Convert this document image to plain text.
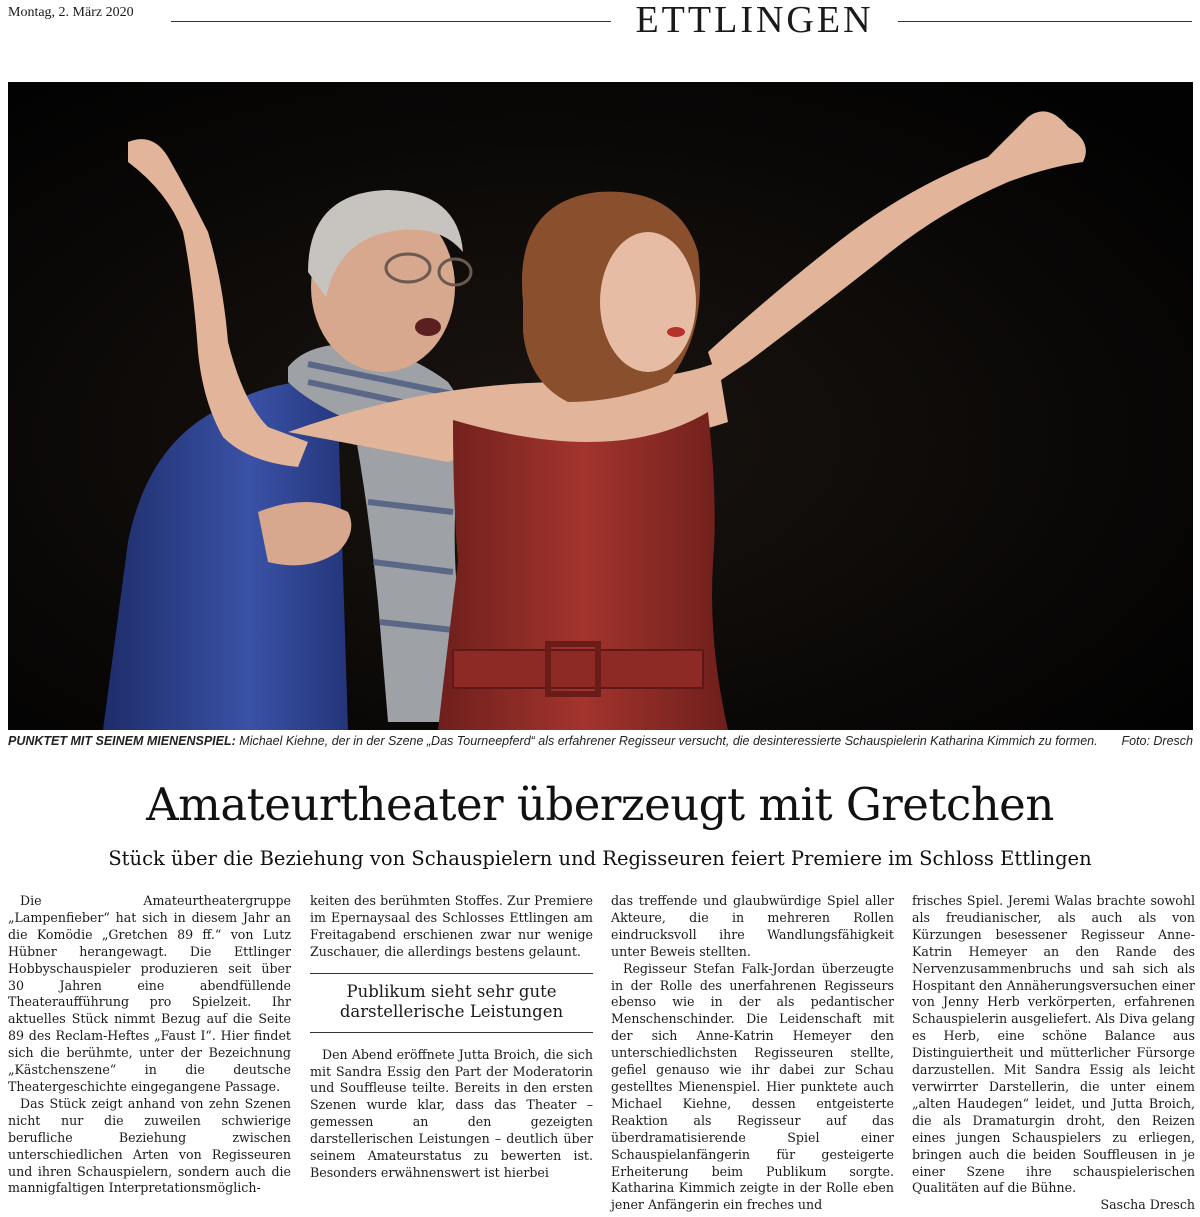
Montag, 2. März 2020	ETTLINGEN
PUNKTET MIT SEINEM MIENENSPIEL: Michael Kiehne, der in der Szene „Das Tourneepferd“ als erfahrener Regisseur versucht, die desinteressierte Schauspielerin Katharina Kimmich zu formen.	Foto: Dresch
Amateurtheater überzeugt mit Gretchen
Stück über die Beziehung von Schauspielern und Regisseuren feiert Premiere im Schloss Ettlingen

Die Amateurtheatergruppe „Lampenfieber“ hat sich in diesem Jahr an die Komödie „Gretchen 89 ff.“ von Lutz Hübner herangewagt. Die Ettlinger Hobbyschauspieler produzieren seit über 30 Jahren eine abendfüllende Theateraufführung pro Spielzeit. Ihr aktuelles Stück nimmt Bezug auf die Seite 89 des Reclam-Heftes „Faust I“. Hier findet sich die berühmte, unter der Bezeichnung „Kästchenszene“ in die deutsche Theatergeschichte eingegangene Passage.

Das Stück zeigt anhand von zehn Szenen nicht nur die zuweilen schwierige berufliche Beziehung zwischen unterschiedlichen Arten von Regisseuren und ihren Schauspielern, sondern auch die mannigfaltigen Interpretationsmöglich-

keiten des berühmten Stoffes. Zur Premiere im Epernaysaal des Schlosses Ettlingen am Freitagabend erschienen zwar nur wenige Zuschauer, die allerdings bestens gelaunt.

Publikum sieht sehr gute darstellerische Leistungen

Den Abend eröffnete Jutta Broich, die sich mit Sandra Essig den Part der Moderatorin und Souffleuse teilte. Bereits in den ersten Szenen wurde klar, dass das Theater – gemessen an den gezeigten darstellerischen Leistungen – deutlich über seinem Amateurstatus zu bewerten ist. Besonders erwähnenswert ist hierbei

das treffende und glaubwürdige Spiel aller Akteure, die in mehreren Rollen eindrucksvoll ihre Wandlungsfähigkeit unter Beweis stellten.

Regisseur Stefan Falk-Jordan überzeugte in der Rolle des unerfahrenen Regisseurs ebenso wie in der als pedantischer Menschenschinder. Die Leidenschaft mit der sich Anne-Katrin Hemeyer den unterschiedlichsten Regisseuren stellte, gefiel genauso wie ihr dabei zur Schau gestelltes Mienenspiel. Hier punktete auch Michael Kiehne, dessen entgeisterte Reaktion als Regisseur auf das überdramatisierende Spiel einer Schauspielanfängerin für gesteigerte Erheiterung beim Publikum sorgte. Katharina Kimmich zeigte in der Rolle eben jener Anfängerin ein freches und

frisches Spiel. Jeremi Walas brachte sowohl als freudianischer, als auch als von Kürzungen besessener Regisseur Anne-Katrin Hemeyer an den Rande des Nervenzusammenbruchs und sah sich als Hospitant den Annäherungsversuchen einer von Jenny Herb verkörperten, erfahrenen Schauspielerin ausgeliefert. Als Diva gelang es Herb, eine schöne Balance aus Distinguiertheit und mütterlicher Fürsorge darzustellen. Mit Sandra Essig als leicht verwirrter Darstellerin, die unter einem „alten Haudegen“ leidet, und Jutta Broich, die als Dramaturgin droht, den Reizen eines jungen Schauspielers zu erliegen, bringen auch die beiden Souffleusen in je einer Szene ihre schauspielerischen Qualitäten auf die Bühne.

Sascha Dresch
